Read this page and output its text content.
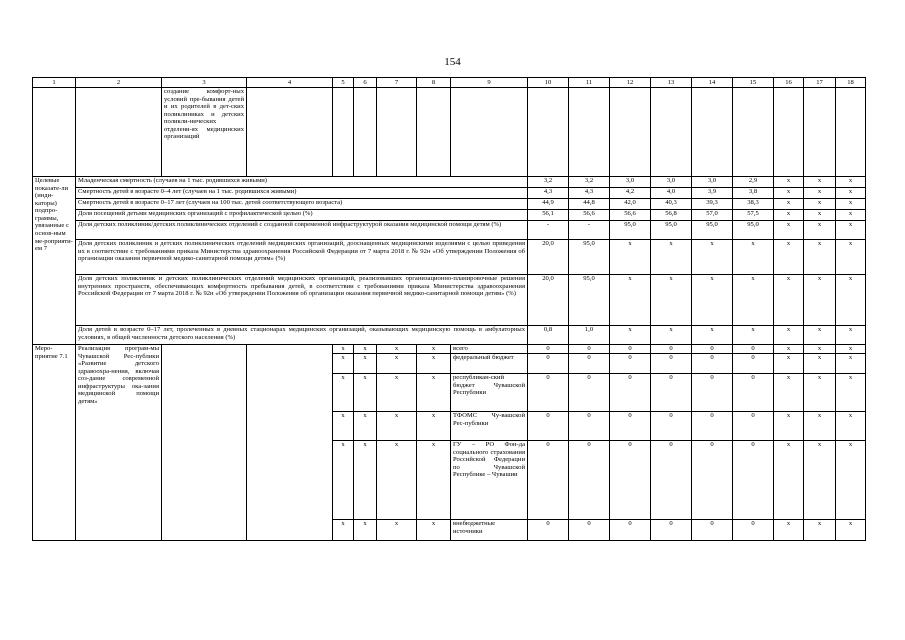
154
1	2	3	4	5	6	7	8	9	10	11	12	13	14	15	16	17	18
		создание комфорт-ных условий пре-бывания детей и их родителей в дет-ских поликлиниках и детских поликли-нических отделени-ях медицинских организаций															
Целевые показате-ли (инди-каторы) подпро-граммы, увязанные с основ-ным ме-роприяти-ем 7	Младенческая смертность (случаев на 1 тыс. родившихся живыми)								3,2	3,2	3,0	3,0	3,0	2,9	x	x	x
	Смертность детей в возрасте 0–4 лет (случаев на 1 тыс. родившихся живыми)								4,3	4,3	4,2	4,0	3,9	3,8	x	x	x
	Смертность детей в возрасте 0–17 лет (случаев на 100 тыс. детей соответствующего возраста)								44,9	44,8	42,0	40,3	39,3	38,3	x	x	x
	Доля посещений детьми медицинских организаций с профилактической целью (%)								56,1	56,6	56,6	56,8	57,0	57,5	x	x	x
	Доля детских поликлиник/детских поликлинических отделений с созданной современной инфраструктурой оказания медицинской помощи детям (%)								-	-	95,0	95,0	95,0	95,0	x	x	x
	Доля детских поликлиник и детских поликлинических отделений медицинских организаций, дооснащенных медицинскими изделиями с целью приведения их в соответствие с требованиями приказа Министерства здравоохранения Российской Федерации от 7 марта 2018 г. № 92н «Об утверждении Положения об организации оказания первичной медико-санитарной помощи детям» (%)								20,0	95,0	x	x	x	x	x	x	x
	Доля детских поликлиник и детских поликлинических отделений медицинских организаций, реализовавших организационно-планировочные решения внутренних пространств, обеспечивающих комфортность пребывания детей, в соответствии с требованиями приказа Министерства здравоохранения Российской Федерации от 7 марта 2018 г. № 92н «Об утверждении Положения об организации оказания первичной медико-санитарной помощи детям» (%)								20,0	95,0	x	x	x	x	x	x	x
	Доля детей в возрасте 0–17 лет, пролеченных в дневных стационарах медицинских организаций, оказывающих медицинскую помощь в амбулаторных условиях, в общей численности детского населения (%)								0,8	1,0	x	x	x	x	x	x	x
Меро-приятие 7.1	Реализация програм-мы Чувашской Рес-публики «Развитие детского здравоохра-нения, включая соз-дание современной инфраструктуры ока-зания медицинской помощи детям»			x	x	x	x	всего	0	0	0	0	0	0	x	x	x
				x	x	x	x	федеральный бюджет	0	0	0	0	0	0	x	x	x
				x	x	x	x	республикан-ский бюджет Чувашской Республики	0	0	0	0	0	0	x	x	x
				x	x	x	x	ТФОМС Чу-вашской Рес-публики	0	0	0	0	0	0	x	x	x
				x	x	x	x	ГУ – РО Фон-да социального страхования Российской Федерации по Чувашской Республике – Чувашии	0	0	0	0	0	0	x	x	x
				x	x	x	x	внебюджетные источники	0	0	0	0	0	0	x	x	x
